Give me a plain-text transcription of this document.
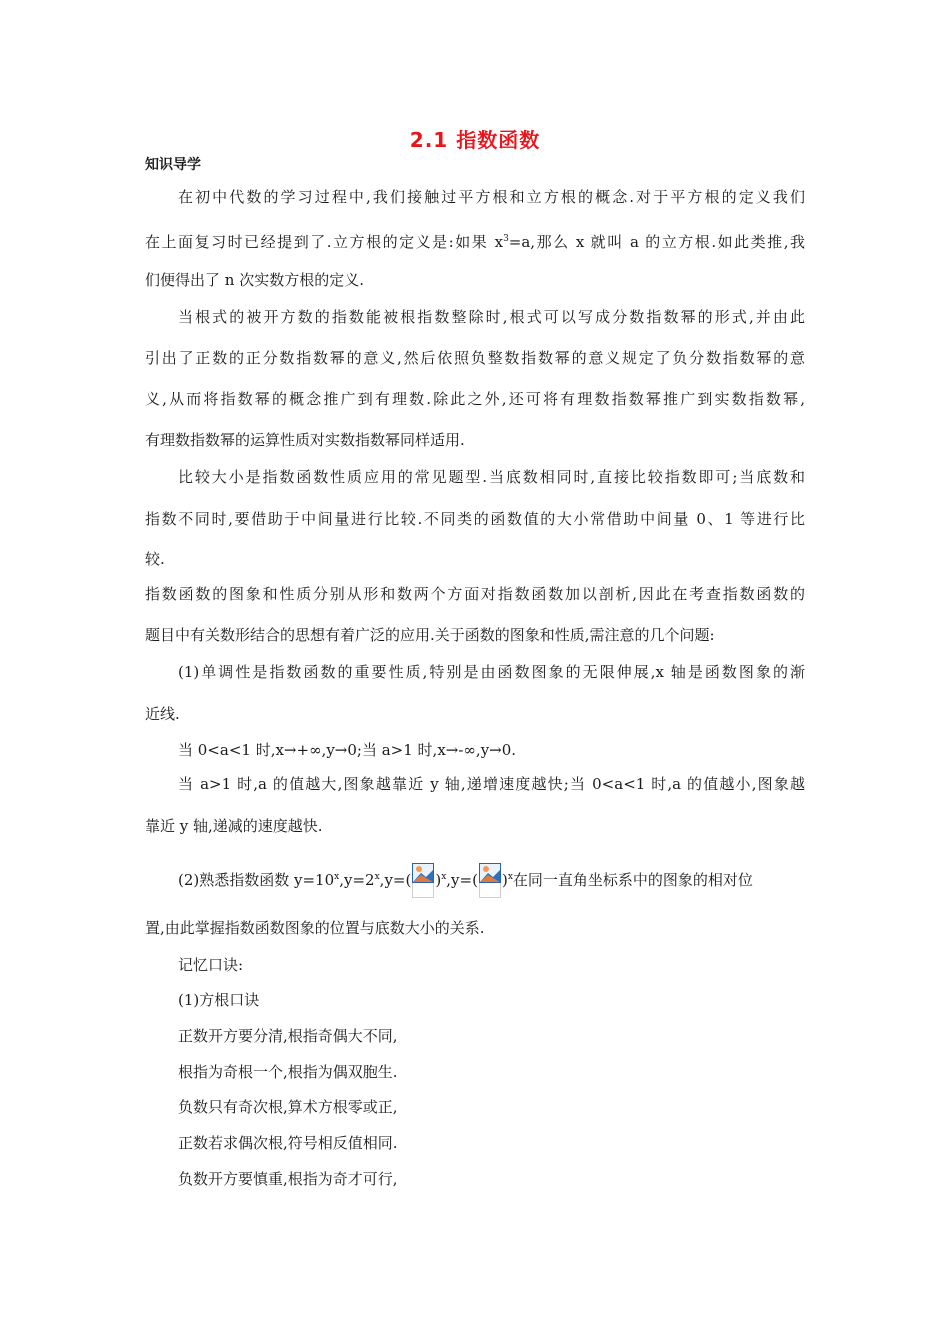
2.1 指数函数
知识导学
在初中代数的学习过程中,我们接触过平方根和立方根的概念.对于平方根的定义我们
在上面复习时已经提到了.立方根的定义是:如果 $x^3=a$,那么 x 就叫 a 的立方根.如此类推,我
们便得出了 n 次实数方根的定义.
当根式的被开方数的指数能被根指数整除时,根式可以写成分数指数幂的形式,并由此
引出了正数的正分数指数幂的意义,然后依照负整数指数幂的意义规定了负分数指数幂的意
义,从而将指数幂的概念推广到有理数.除此之外,还可将有理数指数幂推广到实数指数幂,
有理数指数幂的运算性质对实数指数幂同样适用.
比较大小是指数函数性质应用的常见题型.当底数相同时,直接比较指数即可;当底数和
指数不同时,要借助于中间量进行比较.不同类的函数值的大小常借助中间量 0、1 等进行比
较.
指数函数的图象和性质分别从形和数两个方面对指数函数加以剖析,因此在考查指数函数的
题目中有关数形结合的思想有着广泛的应用.关于函数的图象和性质,需注意的几个问题:
(1)单调性是指数函数的重要性质,特别是由函数图象的无限伸展,x 轴是函数图象的渐
近线.
当 0<a<1 时,x→+∞,y→0;当 a>1 时,x→-∞,y→0.
当 a>1 时,a 的值越大,图象越靠近 y 轴,递增速度越快;当 0<a<1 时,a 的值越小,图象越
靠近 y 轴,递减的速度越快.
(2)熟悉指数函数 $y=10^x,y=2^x,y=$( )$^x$,y=( )$^x$在同一直角坐标系中的图象的相对位
置,由此掌握指数函数图象的位置与底数大小的关系.
记忆口诀:
(1)方根口诀
正数开方要分清,根指奇偶大不同,
根指为奇根一个,根指为偶双胞生.
负数只有奇次根,算术方根零或正,
正数若求偶次根,符号相反值相同.
负数开方要慎重,根指为奇才可行,
